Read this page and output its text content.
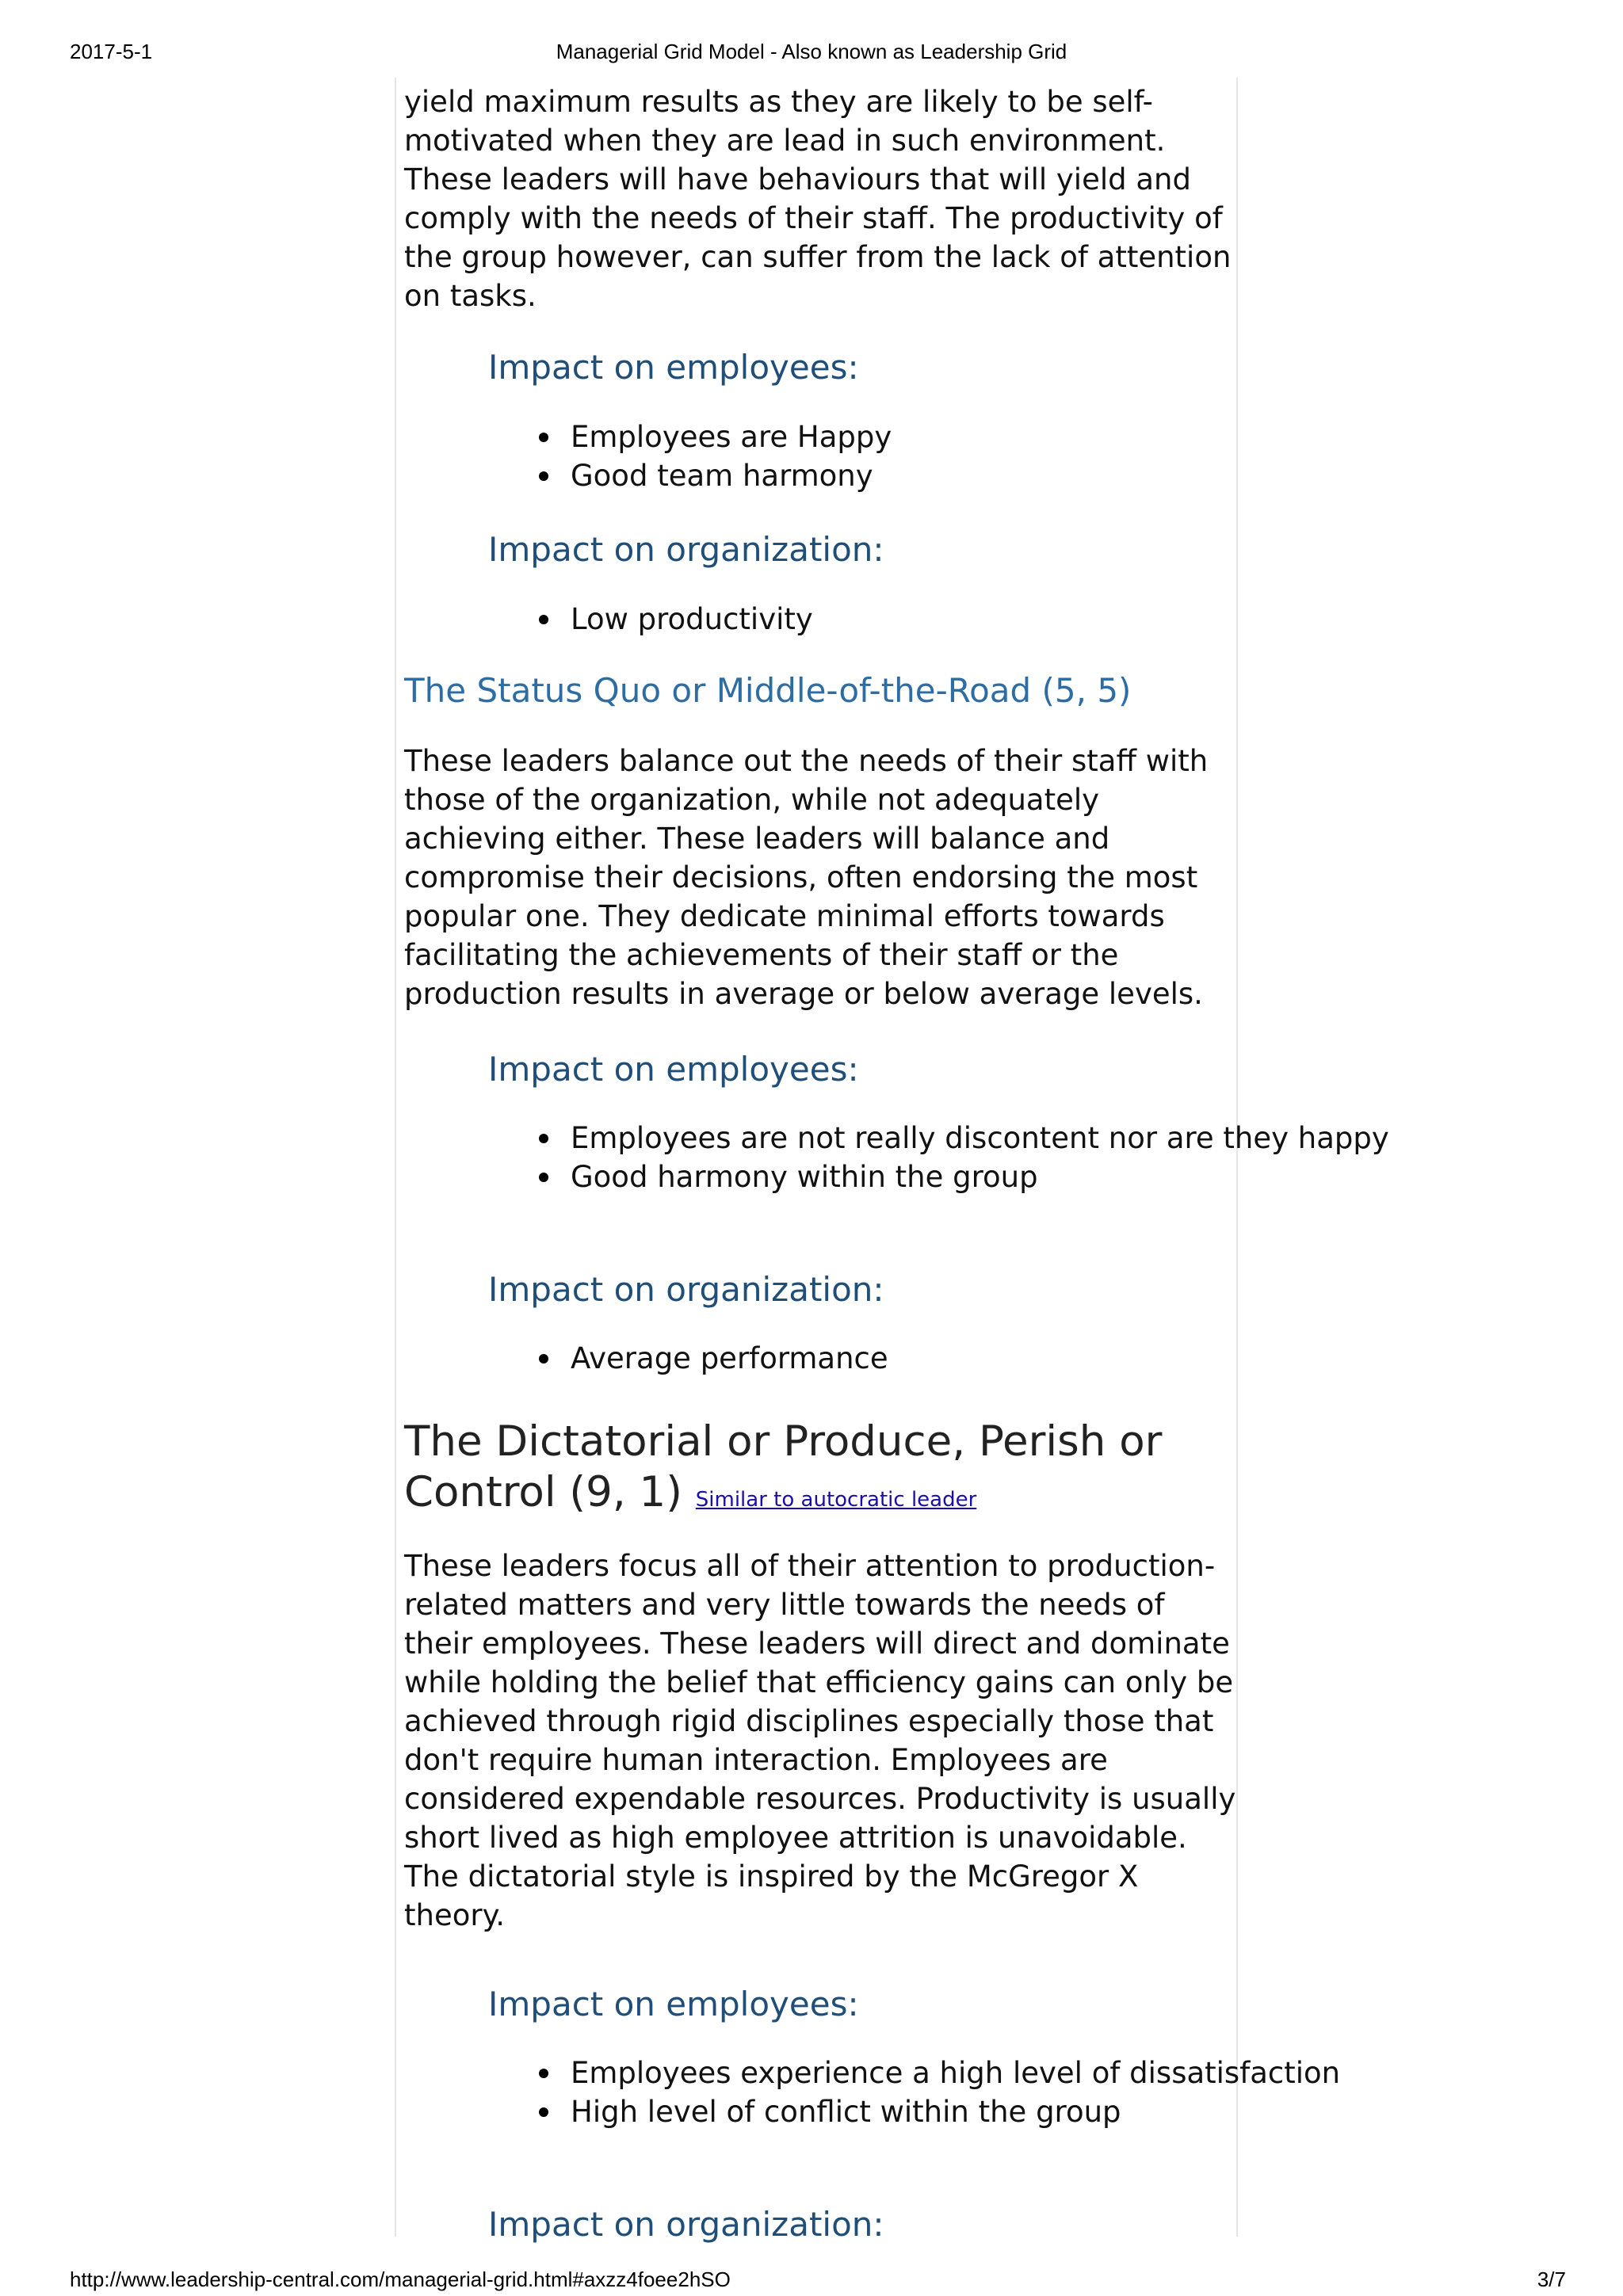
2017-5-1	Managerial Grid Model - Also known as Leadership Grid

yield maximum results as they are likely to be self-motivated when they are lead in such environment. These leaders will have behaviours that will yield and comply with the needs of their staff. The productivity of the group however, can suffer from the lack of attention on tasks.

Impact on employees:
Employees are Happy
Good team harmony
Impact on organization:
Low productivity
The Status Quo or Middle-of-the-Road (5, 5)

These leaders balance out the needs of their staff with those of the organization, while not adequately achieving either. These leaders will balance and compromise their decisions, often endorsing the most popular one. They dedicate minimal efforts towards facilitating the achievements of their staff or the production results in average or below average levels.

Impact on employees:
Employees are not really discontent nor are they happy
Good harmony within the group
Impact on organization:
Average performance
The Dictatorial or Produce, Perish or
Control (9, 1) Similar to autocratic leader

These leaders focus all of their attention to production-related matters and very little towards the needs of their employees. These leaders will direct and dominate while holding the belief that efficiency gains can only be achieved through rigid disciplines especially those that don't require human interaction. Employees are considered expendable resources. Productivity is usually short lived as high employee attrition is unavoidable. The dictatorial style is inspired by the McGregor X theory.

Impact on employees:
Employees experience a high level of dissatisfaction
High level of conflict within the group
Impact on organization:
http://www.leadership-central.com/managerial-grid.html#axzz4foee2hSO	3/7
